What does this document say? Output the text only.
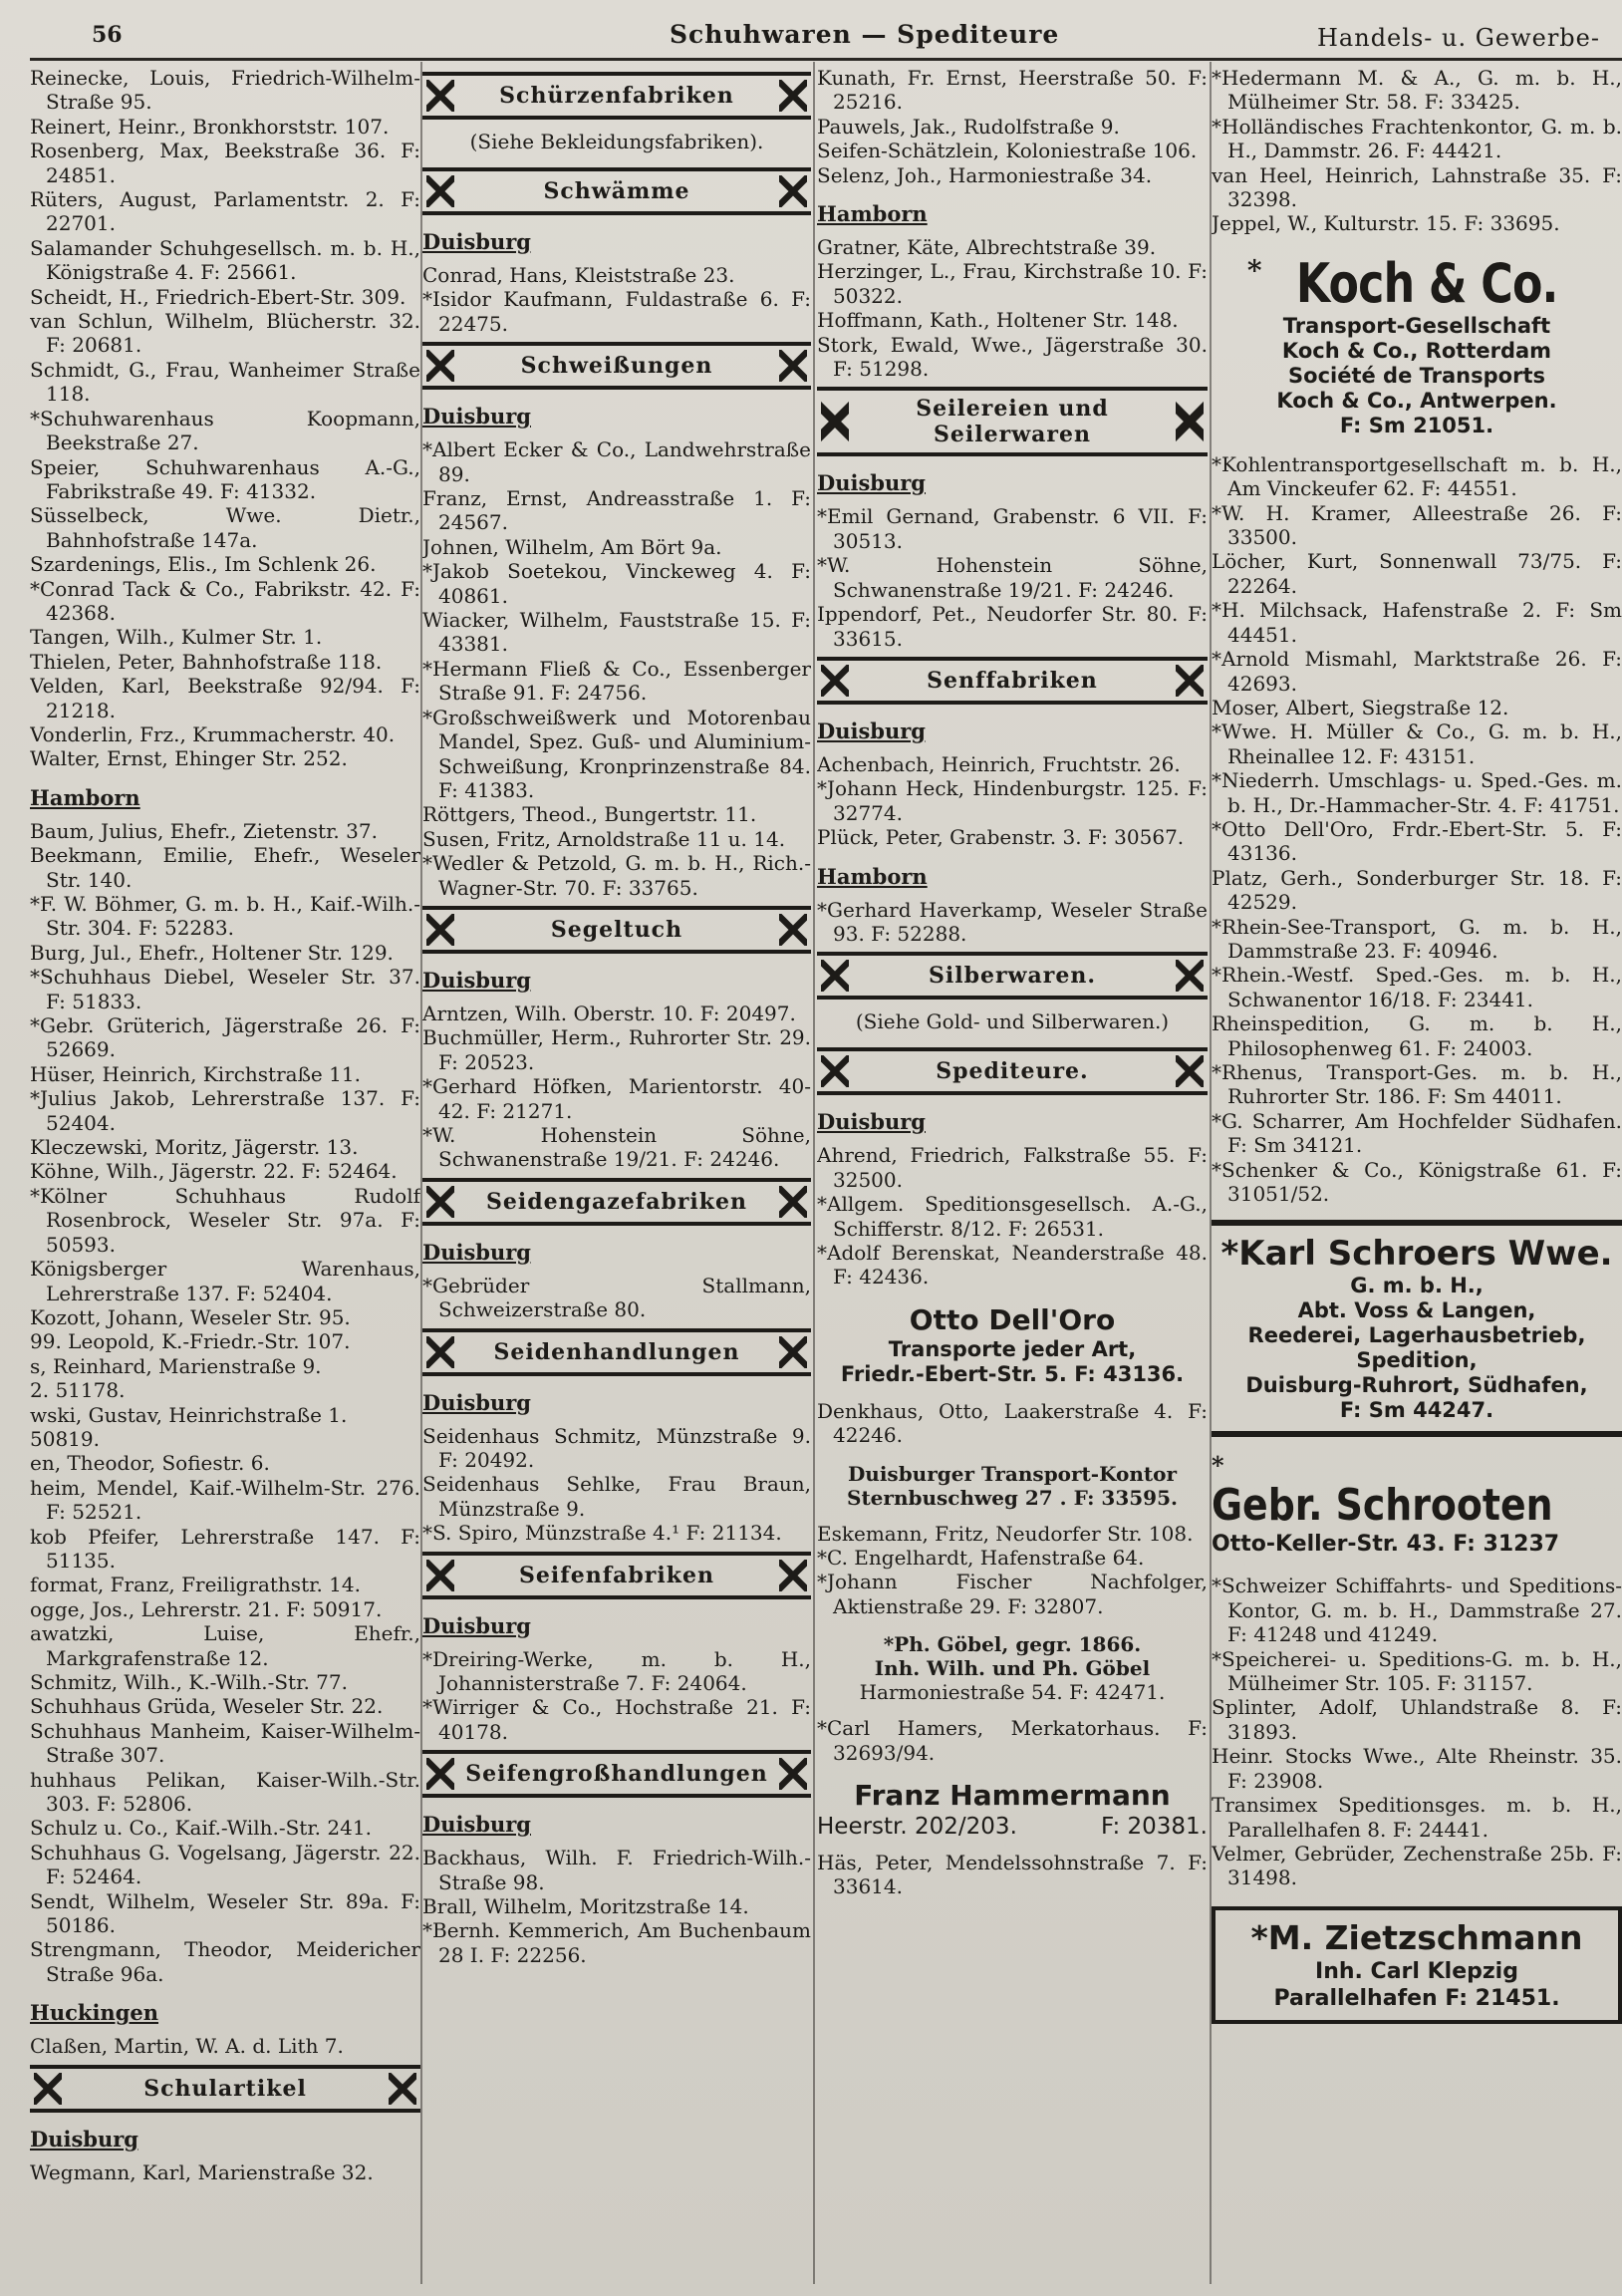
56	Schuhwaren — Spediteure	Handels- u. Gewerbe-

Reinecke, Louis, Friedrich-Wilhelm-Straße 95.

Reinert, Heinr., Bronkhorststr. 107.

Rosenberg, Max, Beekstraße 36. F: 24851.

Rüters, August, Parlamentstr. 2. F: 22701.

Salamander Schuhgesellsch. m. b. H., Königstraße 4. F: 25661.

Scheidt, H., Friedrich-Ebert-Str. 309.

van Schlun, Wilhelm, Blücherstr. 32. F: 20681.

Schmidt, G., Frau, Wanheimer Straße 118.

*Schuhwarenhaus Koopmann, Beekstraße 27.

Speier, Schuhwarenhaus A.-G., Fabrikstraße 49. F: 41332.

Süsselbeck, Wwe. Dietr., Bahnhofstraße 147a.

Szardenings, Elis., Im Schlenk 26.

*Conrad Tack & Co., Fabrikstr. 42. F: 42368.

Tangen, Wilh., Kulmer Str. 1.

Thielen, Peter, Bahnhofstraße 118.

Velden, Karl, Beekstraße 92/94. F: 21218.

Vonderlin, Frz., Krummacherstr. 40.

Walter, Ernst, Ehinger Str. 252.

Hamborn

Baum, Julius, Ehefr., Zietenstr. 37.

Beekmann, Emilie, Ehefr., Weseler Str. 140.

*F. W. Böhmer, G. m. b. H., Kaif.-Wilh.-Str. 304. F: 52283.

Burg, Jul., Ehefr., Holtener Str. 129.

*Schuhhaus Diebel, Weseler Str. 37. F: 51833.

*Gebr. Grüterich, Jägerstraße 26. F: 52669.

Hüser, Heinrich, Kirchstraße 11.

*Julius Jakob, Lehrerstraße 137. F: 52404.

Kleczewski, Moritz, Jägerstr. 13.

Köhne, Wilh., Jägerstr. 22. F: 52464.

*Kölner Schuhhaus Rudolf Rosenbrock, Weseler Str. 97a. F: 50593.

Königsberger Warenhaus, Lehrerstraße 137. F: 52404.

Kozott, Johann, Weseler Str. 95.

99. Leopold, K.-Friedr.-Str. 107.

s, Reinhard, Marienstraße 9.

2. 51178.

wski, Gustav, Heinrichstraße 1.

50819.

en, Theodor, Sofiestr. 6.

heim, Mendel, Kaif.-Wilhelm-Str. 276. F: 52521.

kob Pfeifer, Lehrerstraße 147. F: 51135.

format, Franz, Freiligrathstr. 14.

ogge, Jos., Lehrerstr. 21. F: 50917.

awatzki, Luise, Ehefr., Markgrafenstraße 12.

Schmitz, Wilh., K.-Wilh.-Str. 77.

Schuhhaus Grüda, Weseler Str. 22.

Schuhhaus Manheim, Kaiser-Wilhelm-Straße 307.

huhhaus Pelikan, Kaiser-Wilh.-Str. 303. F: 52806.

Schulz u. Co., Kaif.-Wilh.-Str. 241.

Schuhhaus G. Vogelsang, Jägerstr. 22. F: 52464.

Sendt, Wilhelm, Weseler Str. 89a. F: 50186.

Strengmann, Theodor, Meidericher Straße 96a.

Huckingen

Claßen, Martin, W. A. d. Lith 7.

Schulartikel
Duisburg

Wegmann, Karl, Marienstraße 32.

Schürzenfabriken
(Siehe Bekleidungsfabriken).
Schwämme
Duisburg

Conrad, Hans, Kleiststraße 23.

*Isidor Kaufmann, Fuldastraße 6. F: 22475.

Schweißungen
Duisburg

*Albert Ecker & Co., Landwehrstraße 89.

Franz, Ernst, Andreasstraße 1. F: 24567.

Johnen, Wilhelm, Am Bört 9a.

*Jakob Soetekou, Vinckeweg 4. F: 40861.

Wiacker, Wilhelm, Fauststraße 15. F: 43381.

*Hermann Fließ & Co., Essenberger Straße 91. F: 24756.

*Großschweißwerk und Motorenbau Mandel, Spez. Guß- und Aluminium-Schweißung, Kronprinzenstraße 84. F: 41383.

Röttgers, Theod., Bungertstr. 11.

Susen, Fritz, Arnoldstraße 11 u. 14.

*Wedler & Petzold, G. m. b. H., Rich.-Wagner-Str. 70. F: 33765.

Segeltuch
Duisburg

Arntzen, Wilh. Oberstr. 10. F: 20497.

Buchmüller, Herm., Ruhrorter Str. 29. F: 20523.

*Gerhard Höfken, Marientorstr. 40-42. F: 21271.

*W. Hohenstein Söhne, Schwanenstraße 19/21. F: 24246.

Seidengazefabriken
Duisburg

*Gebrüder Stallmann, Schweizerstraße 80.

Seidenhandlungen
Duisburg

Seidenhaus Schmitz, Münzstraße 9. F: 20492.

Seidenhaus Sehlke, Frau Braun, Münzstraße 9.

*S. Spiro, Münzstraße 4.¹ F: 21134.

Seifenfabriken
Duisburg

*Dreiring-Werke, m. b. H., Johannisterstraße 7. F: 24064.

*Wirriger & Co., Hochstraße 21. F: 40178.

Seifengroßhandlungen
Duisburg

Backhaus, Wilh. F. Friedrich-Wilh.-Straße 98.

Brall, Wilhelm, Moritzstraße 14.

*Bernh. Kemmerich, Am Buchenbaum 28 I. F: 22256.

Kunath, Fr. Ernst, Heerstraße 50. F: 25216.

Pauwels, Jak., Rudolfstraße 9.

Seifen-Schätzlein, Koloniestraße 106.

Selenz, Joh., Harmoniestraße 34.

Hamborn

Gratner, Käte, Albrechtstraße 39.

Herzinger, L., Frau, Kirchstraße 10. F: 50322.

Hoffmann, Kath., Holtener Str. 148.

Stork, Ewald, Wwe., Jägerstraße 30. F: 51298.

Seilereien und Seilerwaren
Duisburg

*Emil Gernand, Grabenstr. 6 VII. F: 30513.

*W. Hohenstein Söhne, Schwanenstraße 19/21. F: 24246.

Ippendorf, Pet., Neudorfer Str. 80. F: 33615.

Senffabriken
Duisburg

Achenbach, Heinrich, Fruchtstr. 26.

*Johann Heck, Hindenburgstr. 125. F: 32774.

Plück, Peter, Grabenstr. 3. F: 30567.

Hamborn

*Gerhard Haverkamp, Weseler Straße 93. F: 52288.

Silberwaren.
(Siehe Gold- und Silberwaren.)
Spediteure.
Duisburg

Ahrend, Friedrich, Falkstraße 55. F: 32500.

*Allgem. Speditionsgesellsch. A.-G., Schifferstr. 8/12. F: 26531.

*Adolf Berenskat, Neanderstraße 48. F: 42436.

Otto Dell'Oro
Transporte jeder Art,
Friedr.-Ebert-Str. 5. F: 43136.

Denkhaus, Otto, Laakerstraße 4. F: 42246.

Duisburger Transport-Kontor
Sternbuschweg 27 . F: 33595.

Eskemann, Fritz, Neudorfer Str. 108.

*C. Engelhardt, Hafenstraße 64.

*Johann Fischer Nachfolger, Aktienstraße 29. F: 32807.

*Ph. Göbel, gegr. 1866.
Inh. Wilh. und Ph. Göbel
Harmoniestraße 54. F: 42471.

*Carl Hamers, Merkatorhaus. F: 32693/94.

Franz Hammermann
Heerstr. 202/203.	F: 20381.

Häs, Peter, Mendelssohnstraße 7. F: 33614.

*Hedermann M. & A., G. m. b. H., Mülheimer Str. 58. F: 33425.

*Holländisches Frachtenkontor, G. m. b. H., Dammstr. 26. F: 44421.

van Heel, Heinrich, Lahnstraße 35. F: 32398.

Jeppel, W., Kulturstr. 15. F: 33695.

* Koch & Co.
Transport-Gesellschaft
Koch & Co., Rotterdam
Société de Transports
Koch & Co., Antwerpen.
F: Sm 21051.

*Kohlentransportgesellschaft m. b. H., Am Vinckeufer 62. F: 44551.

*W. H. Kramer, Alleestraße 26. F: 33500.

Löcher, Kurt, Sonnenwall 73/75. F: 22264.

*H. Milchsack, Hafenstraße 2. F: Sm 44451.

*Arnold Mismahl, Marktstraße 26. F: 42693.

Moser, Albert, Siegstraße 12.

*Wwe. H. Müller & Co., G. m. b. H., Rheinallee 12. F: 43151.

*Niederrh. Umschlags- u. Sped.-Ges. m. b. H., Dr.-Hammacher-Str. 4. F: 41751.

*Otto Dell'Oro, Frdr.-Ebert-Str. 5. F: 43136.

Platz, Gerh., Sonderburger Str. 18. F: 42529.

*Rhein-See-Transport, G. m. b. H., Dammstraße 23. F: 40946.

*Rhein.-Westf. Sped.-Ges. m. b. H., Schwanentor 16/18. F: 23441.

Rheinspedition, G. m. b. H., Philosophenweg 61. F: 24003.

*Rhenus, Transport-Ges. m. b. H., Ruhrorter Str. 186. F: Sm 44011.

*G. Scharrer, Am Hochfelder Südhafen. F: Sm 34121.

*Schenker & Co., Königstraße 61. F: 31051/52.

*Karl Schroers Wwe.
G. m. b. H.,
Abt. Voss & Langen,
Reederei, Lagerhausbetrieb,
Spedition,
Duisburg-Ruhrort, Südhafen,
F: Sm 44247.
* Gebr. Schrooten
Otto-Keller-Str. 43. F: 31237

*Schweizer Schiffahrts- und Speditions-Kontor, G. m. b. H., Dammstraße 27. F: 41248 und 41249.

*Speicherei- u. Speditions-G. m. b. H., Mülheimer Str. 105. F: 31157.

Splinter, Adolf, Uhlandstraße 8. F: 31893.

Heinr. Stocks Wwe., Alte Rheinstr. 35. F: 23908.

Transimex Speditionsges. m. b. H., Parallelhafen 8. F: 24441.

Velmer, Gebrüder, Zechenstraße 25b. F: 31498.

*M. Zietzschmann
Inh. Carl Klepzig
Parallelhafen F: 21451.
